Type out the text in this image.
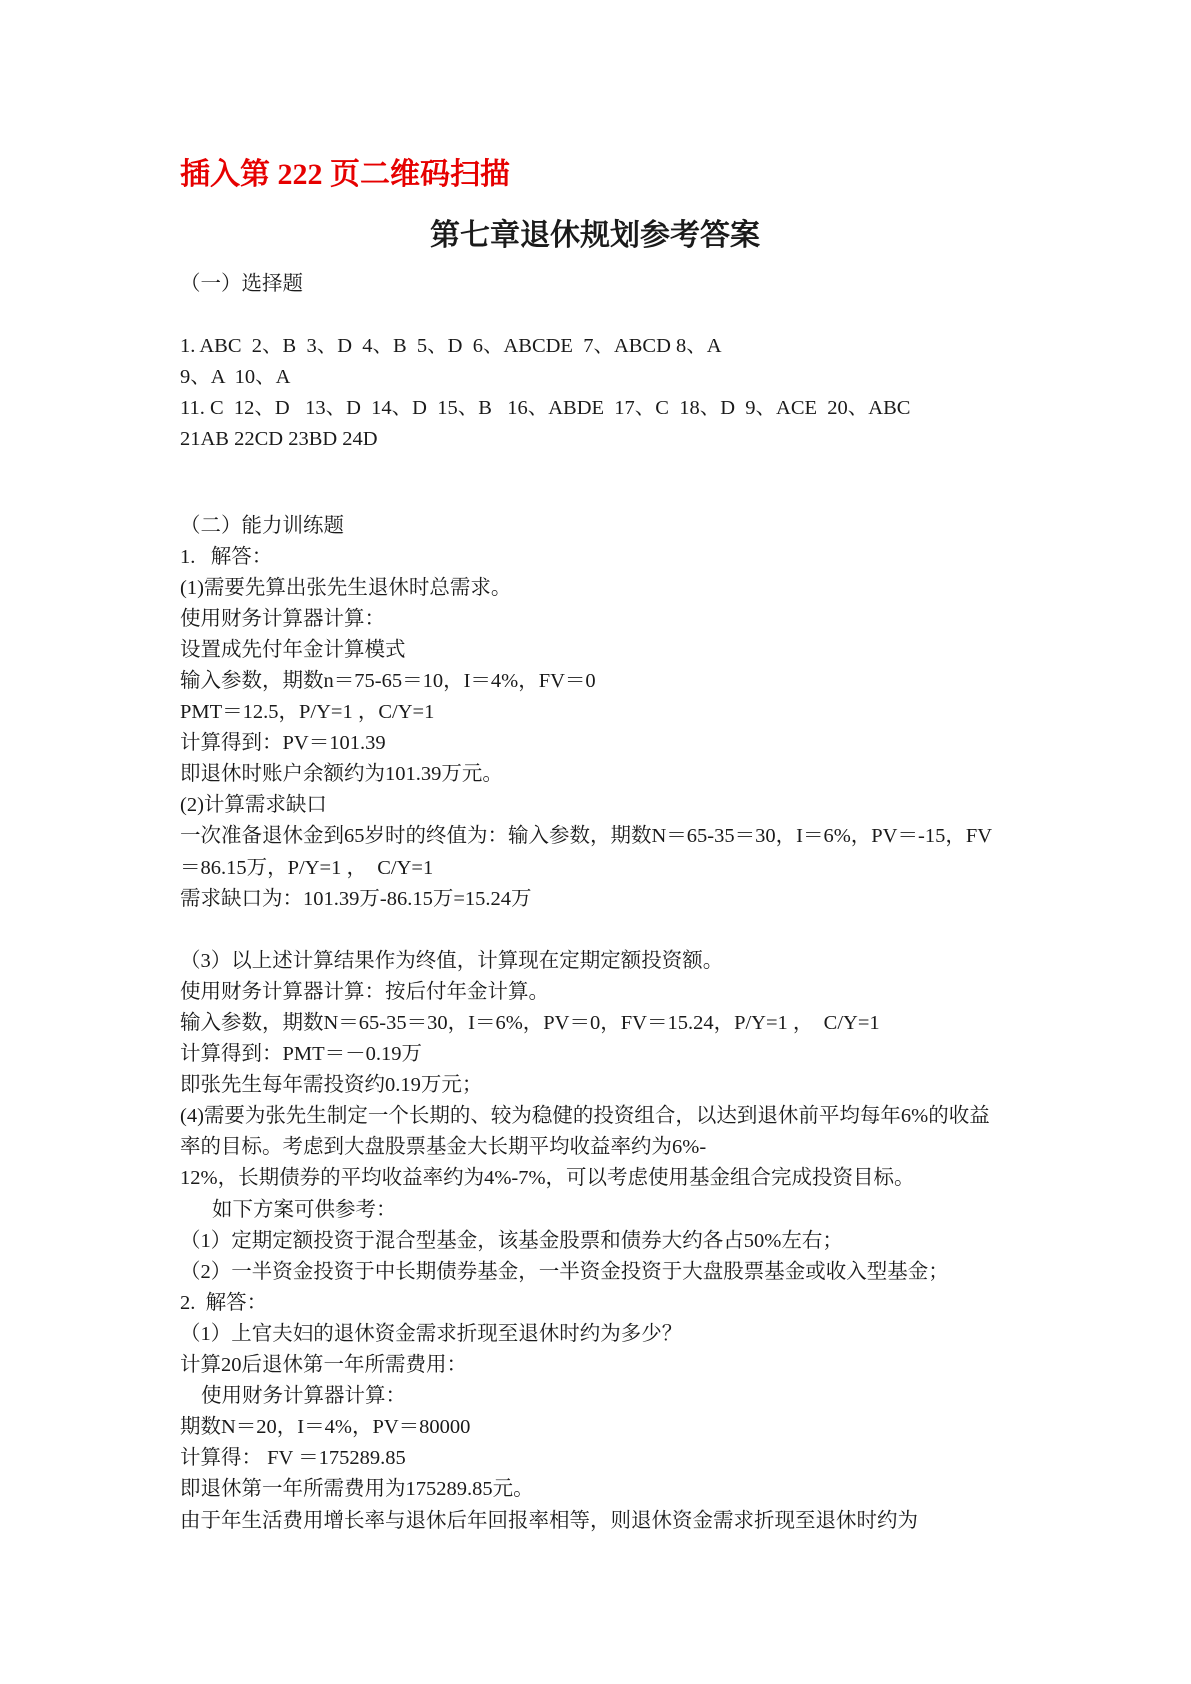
插入第 222 页二维码扫描
第七章退休规划参考答案
（一）选择题
1. ABC  2、B  3、D  4、B  5、D  6、ABCDE  7、ABCD 8、A
9、A  10、A
11. C  12、D   13、D  14、D  15、B   16、ABDE  17、C  18、D  9、ACE  20、ABC
21AB 22CD 23BD 24D
（二）能力训练题
1.   解答：
(1)需要先算出张先生退休时总需求。
使用财务计算器计算：
设置成先付年金计算模式
输入参数，期数n＝75-65＝10，I＝4%，FV＝0
PMT＝12.5，P/Y=1 ，C/Y=1
计算得到：PV＝101.39
即退休时账户余额约为101.39万元。
(2)计算需求缺口
一次准备退休金到65岁时的终值为：输入参数，期数N＝65-35＝30，I＝6%，PV＝-15，FV
＝86.15万，P/Y=1 ，  C/Y=1
需求缺口为：101.39万-86.15万=15.24万
（3）以上述计算结果作为终值，计算现在定期定额投资额。
使用财务计算器计算：按后付年金计算。
输入参数，期数N＝65-35＝30，I＝6%，PV＝0，FV＝15.24，P/Y=1 ，  C/Y=1
计算得到：PMT＝－0.19万
即张先生每年需投资约0.19万元；
(4)需要为张先生制定一个长期的、较为稳健的投资组合，以达到退休前平均每年6%的收益
率的目标。考虑到大盘股票基金大长期平均收益率约为6%-
12%，长期债券的平均收益率约为4%-7%，可以考虑使用基金组合完成投资目标。
如下方案可供参考：
（1）定期定额投资于混合型基金，该基金股票和债券大约各占50%左右；
（2）一半资金投资于中长期债券基金，一半资金投资于大盘股票基金或收入型基金；
2.  解答：
（1）上官夫妇的退休资金需求折现至退休时约为多少？
计算20后退休第一年所需费用：
使用财务计算器计算：
期数N＝20，I＝4%，PV＝80000
计算得： FV ＝175289.85
即退休第一年所需费用为175289.85元。
由于年生活费用增长率与退休后年回报率相等，则退休资金需求折现至退休时约为
